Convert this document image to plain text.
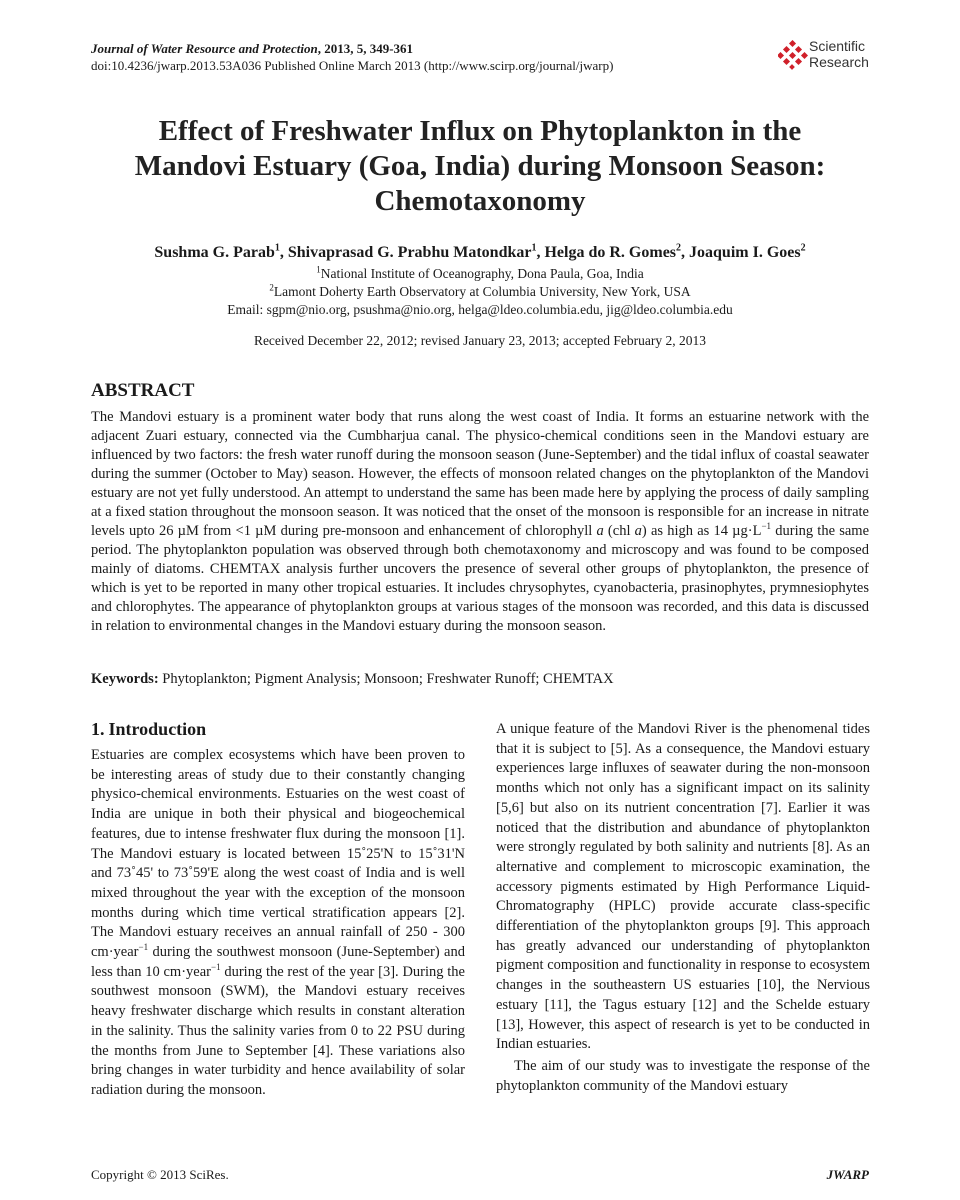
Journal of Water Resource and Protection, 2013, 5, 349-361
doi:10.4236/jwarp.2013.53A036 Published Online March 2013 (http://www.scirp.org/journal/jwarp)
Scientific
Research
Effect of Freshwater Influx on Phytoplankton in the
Mandovi Estuary (Goa, India) during Monsoon Season:
Chemotaxonomy
Sushma G. Parab$^1$, Shivaprasad G. Prabhu Matondkar$^1$, Helga do R. Gomes$^2$, Joaquim I. Goes$^2$
$^1$National Institute of Oceanography, Dona Paula, Goa, India
$^2$Lamont Doherty Earth Observatory at Columbia University, New York, USA
Email: sgpm@nio.org, psushma@nio.org, helga@ldeo.columbia.edu, jig@ldeo.columbia.edu
Received December 22, 2012; revised January 23, 2013; accepted February 2, 2013
ABSTRACT
The Mandovi estuary is a prominent water body that runs along the west coast of India. It forms an estuarine network with the adjacent Zuari estuary, connected via the Cumbharjua canal. The physico-chemical conditions seen in the Mandovi estuary are influenced by two factors: the fresh water runoff during the monsoon season (June-September) and the tidal influx of coastal seawater during the summer (October to May) season. However, the effects of monsoon related changes on the phytoplankton of the Mandovi estuary are not yet fully understood. An attempt to understand the same has been made here by applying the process of daily sampling at a fixed station throughout the monsoon season. It was noticed that the onset of the monsoon is responsible for an increase in nitrate levels upto 26 µM from <1 µM during pre-monsoon and enhancement of chlorophyll a (chl a) as high as 14 $\mu g\cdot L^{-1}$ during the same period. The phytoplankton population was observed through both chemotaxonomy and microscopy and was found to be composed mainly of diatoms. CHEMTAX analysis further uncovers the presence of several other groups of phytoplankton, the presence of which is yet to be reported in many other tropical estuaries. It includes chrysophytes, cyanobacteria, prasinophytes, prymnesiophytes and chlorophytes. The appearance of phytoplankton groups at various stages of the monsoon was recorded, and this data is discussed in relation to environmental changes in the Mandovi estuary during the monsoon season.
Keywords: Phytoplankton; Pigment Analysis; Monsoon; Freshwater Runoff; CHEMTAX
1. Introduction

Estuaries are complex ecosystems which have been proven to be interesting areas of study due to their constantly changing physico-chemical environments. Estuaries on the west coast of India are unique in both their physical and biogeochemical features, due to intense freshwater flux during the monsoon [1]. The Mandovi estuary is located between 15˚25'N to 15˚31'N and 73˚45' to 73˚59'E along the west coast of India and is well mixed throughout the year with the exception of the monsoon months during which time vertical stratification appears [2]. The Mandovi estuary receives an annual rainfall of 250 - 300 cm·year$^{-1}$ during the southwest monsoon (June-September) and less than 10 cm·year$^{-1}$ during the rest of the year [3]. During the southwest monsoon (SWM), the Mandovi estuary receives heavy freshwater discharge which results in constant alteration in the salinity. Thus the salinity varies from 0 to 22 PSU during the months from June to September [4]. These variations also bring changes in water turbidity and hence availability of solar radiation during the monsoon.

A unique feature of the Mandovi River is the phenomenal tides that it is subject to [5]. As a consequence, the Mandovi estuary experiences large influxes of seawater during the non-monsoon months which not only has a significant impact on its salinity [5,6] but also on its nutrient concentration [7]. Earlier it was noticed that the distribution and abundance of phytoplankton were strongly regulated by both salinity and nutrients [8]. As an alternative and complement to microscopic examination, the accessory pigments estimated by High Performance Liquid-Chromatography (HPLC) provide accurate class-specific differentiation of the phytoplankton groups [9]. This approach has greatly advanced our understanding of phytoplankton pigment composition and functionality in response to ecosystem changes in the southeastern US estuaries [10], the Nervious estuary [11], the Tagus estuary [12] and the Schelde estuary [13], However, this aspect of research is yet to be conducted in Indian estuaries.

The aim of our study was to investigate the response of the phytoplankton community of the Mandovi estuary

Copyright © 2013 SciRes.	JWARP
